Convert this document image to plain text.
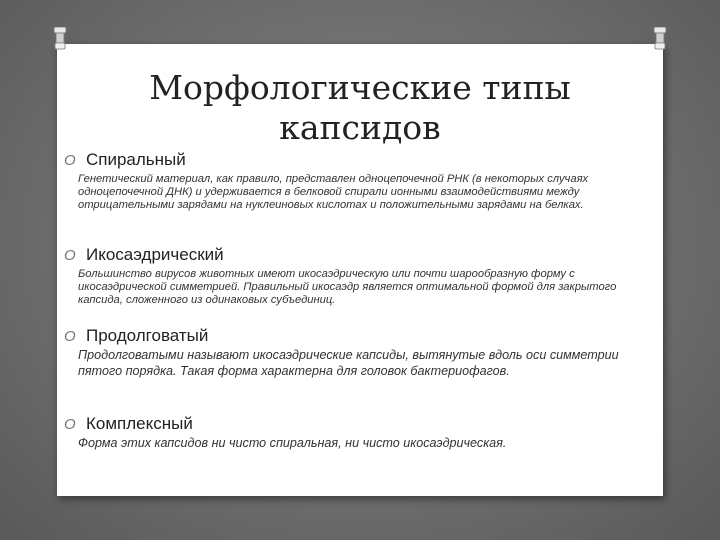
Морфологические типы капсидов
O Спиральный
Генетический материал, как правило, представлен одноцепочечной РНК (в некоторых случаях одноцепочечной ДНК) и удерживается в белковой спирали ионными взаимодействиями между отрицательными зарядами на нуклеиновых кислотах и положительными зарядами на белках.
O Икосаэдрический
Большинство вирусов животных имеют икосаэдрическую или почти шарообразную форму с икосаэдрической симметрией. Правильный икосаэдр является оптимальной формой для закрытого капсида, сложенного из одинаковых субъединиц.
O Продолговатый
Продолговатыми называют икосаэдрические капсиды, вытянутые вдоль оси симметрии пятого порядка. Такая форма характерна для головок бактериофагов.
O Комплексный
Форма этих капсидов ни чисто спиральная, ни чисто икосаэдрическая.
